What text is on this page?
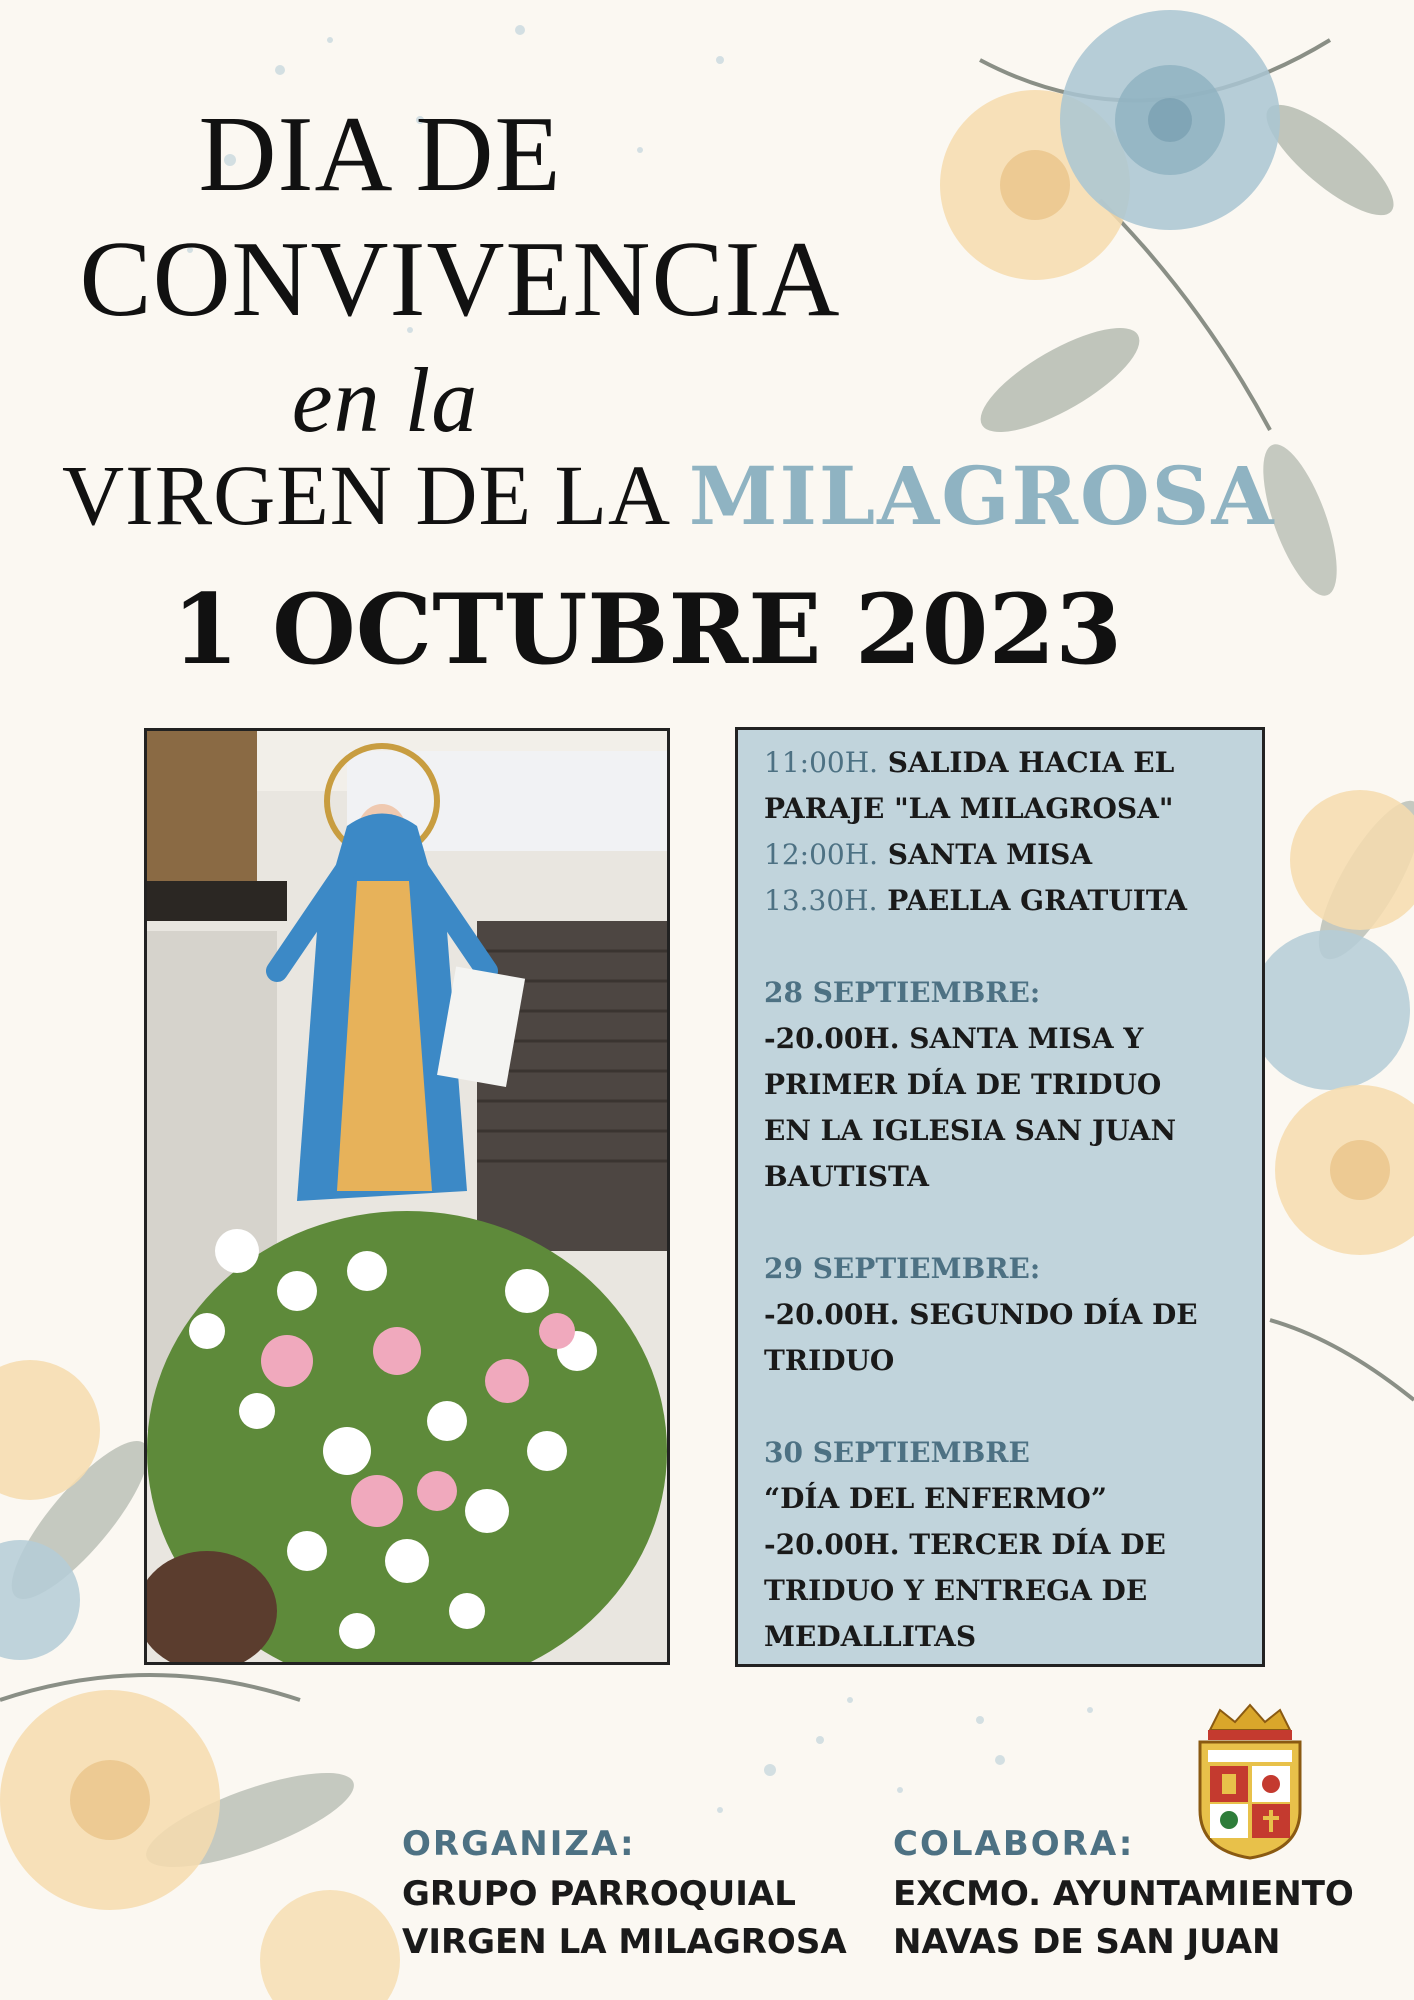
DIA DE
CONVIVENCIA
en la
VIRGEN DE LA MILAGROSA
1 OCTUBRE 2023

11:00H. SALIDA HACIA EL PARAJE "LA MILAGROSA"

12:00H. SANTA MISA

13.30H. PAELLA GRATUITA

28 SEPTIEMBRE:

-20.00H. SANTA MISA Y

PRIMER DÍA DE TRIDUO

EN LA IGLESIA SAN JUAN

BAUTISTA

29 SEPTIEMBRE:

-20.00H. SEGUNDO DÍA DE

TRIDUO

30 SEPTIEMBRE

“DÍA DEL ENFERMO”

-20.00H. TERCER DÍA DE

TRIDUO Y ENTREGA DE

MEDALLITAS

ORGANIZA:

GRUPO PARROQUIAL
VIRGEN LA MILAGROSA

COLABORA:

EXCMO. AYUNTAMIENTO
NAVAS DE SAN JUAN
